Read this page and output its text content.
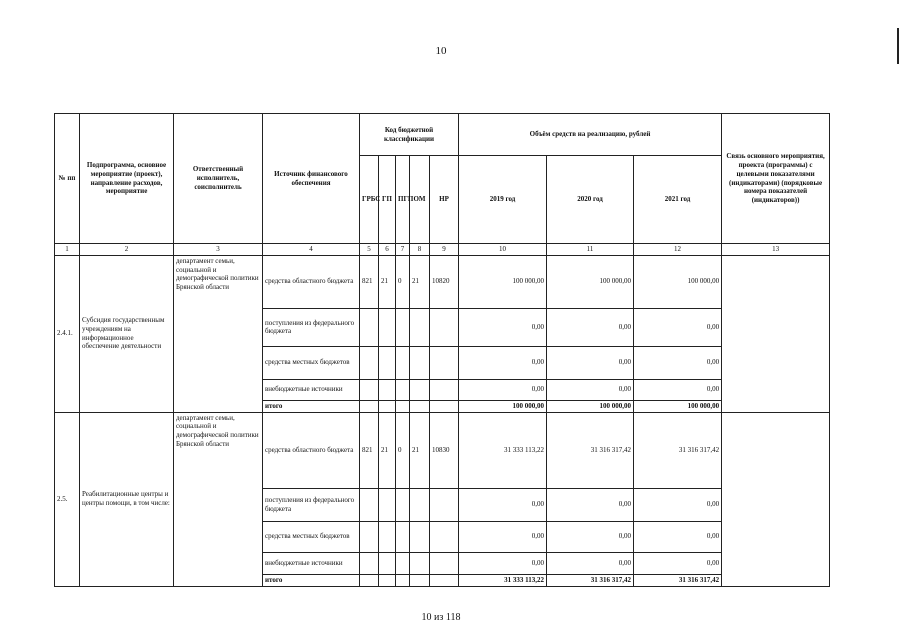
10
№ пп	Подпрограмма, основное мероприятие (проект), направление расходов, мероприятие	Ответственный исполнитель, соисполнитель	Источник финансового обеспечения	Код бюджетной классификации					Объём средств на реализацию, рублей			Связь основного мероприятия, проекта (программы) с целевыми показателями (индикаторами) (порядковые номера показателей (индикаторов))
				ГРБС	ГП	ПГП	ОМ	НР	2019 год	2020 год	2021 год	
1	2	3	4	5	6	7	8	9	10	11	12	13
2.4.1.	Субсидия государственным учреждениям на информационное обеспечение деятельности	департамент семьи, социальной и демографической политики Брянской области	средства областного бюджета	821	21	0	21	10820	100 000,00	100 000,00	100 000,00	
			поступления из федерального бюджета						0,00	0,00	0,00	
			средства местных бюджетов						0,00	0,00	0,00	
			внебюджетные источники						0,00	0,00	0,00	
			итого						100 000,00	100 000,00	100 000,00	
2.5.	Реабилитационные центры и центры помощи, в том числе:	департамент семьи, социальной и демографической политики Брянской области	средства областного бюджета	821	21	0	21	10830	31 333 113,22	31 316 317,42	31 316 317,42	
			поступления из федерального бюджета						0,00	0,00	0,00	
			средства местных бюджетов						0,00	0,00	0,00	
			внебюджетные источники						0,00	0,00	0,00	
			итого						31 333 113,22	31 316 317,42	31 316 317,42	
10 из 118
